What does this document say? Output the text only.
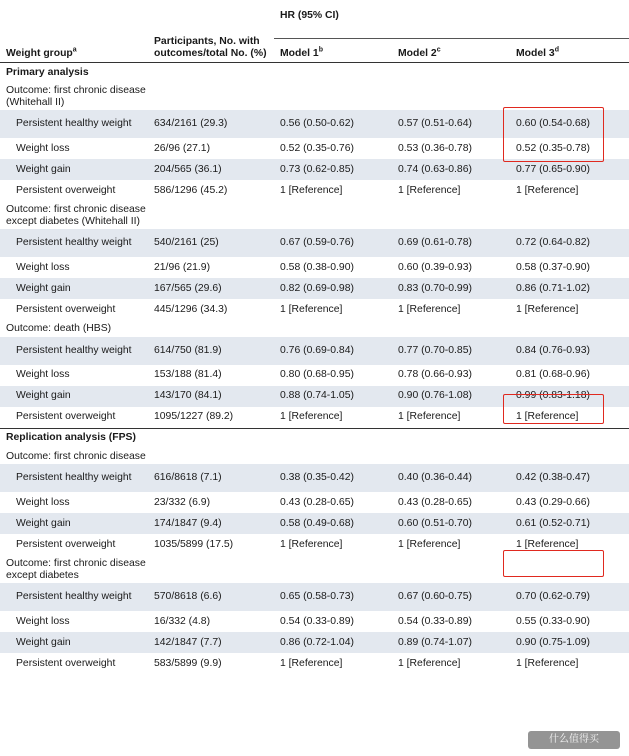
Weight group$^a$	Participants, No. with outcomes/total No. (%)	HR (95% CI)		
		Model 1$^b$	Model 2$^c$	Model 3$^d$
Primary analysis				
Outcome: first chronic disease (Whitehall II)				
Persistent healthy weight	634/2161 (29.3)	0.56 (0.50-0.62)	0.57 (0.51-0.64)	0.60 (0.54-0.68)
Weight loss	26/96 (27.1)	0.52 (0.35-0.76)	0.53 (0.36-0.78)	0.52 (0.35-0.78)
Weight gain	204/565 (36.1)	0.73 (0.62-0.85)	0.74 (0.63-0.86)	0.77 (0.65-0.90)
Persistent overweight	586/1296 (45.2)	1 [Reference]	1 [Reference]	1 [Reference]
Outcome: first chronic disease except diabetes (Whitehall II)				
Persistent healthy weight	540/2161 (25)	0.67 (0.59-0.76)	0.69 (0.61-0.78)	0.72 (0.64-0.82)
Weight loss	21/96 (21.9)	0.58 (0.38-0.90)	0.60 (0.39-0.93)	0.58 (0.37-0.90)
Weight gain	167/565 (29.6)	0.82 (0.69-0.98)	0.83 (0.70-0.99)	0.86 (0.71-1.02)
Persistent overweight	445/1296 (34.3)	1 [Reference]	1 [Reference]	1 [Reference]
Outcome: death (HBS)				
Persistent healthy weight	614/750 (81.9)	0.76 (0.69-0.84)	0.77 (0.70-0.85)	0.84 (0.76-0.93)
Weight loss	153/188 (81.4)	0.80 (0.68-0.95)	0.78 (0.66-0.93)	0.81 (0.68-0.96)
Weight gain	143/170 (84.1)	0.88 (0.74-1.05)	0.90 (0.76-1.08)	0.99 (0.83-1.18)
Persistent overweight	1095/1227 (89.2)	1 [Reference]	1 [Reference]	1 [Reference]
Replication analysis (FPS)				
Outcome: first chronic disease				
Persistent healthy weight	616/8618 (7.1)	0.38 (0.35-0.42)	0.40 (0.36-0.44)	0.42 (0.38-0.47)
Weight loss	23/332 (6.9)	0.43 (0.28-0.65)	0.43 (0.28-0.65)	0.43 (0.29-0.66)
Weight gain	174/1847 (9.4)	0.58 (0.49-0.68)	0.60 (0.51-0.70)	0.61 (0.52-0.71)
Persistent overweight	1035/5899 (17.5)	1 [Reference]	1 [Reference]	1 [Reference]
Outcome: first chronic disease except diabetes				
Persistent healthy weight	570/8618 (6.6)	0.65 (0.58-0.73)	0.67 (0.60-0.75)	0.70 (0.62-0.79)
Weight loss	16/332 (4.8)	0.54 (0.33-0.89)	0.54 (0.33-0.89)	0.55 (0.33-0.90)
Weight gain	142/1847 (7.7)	0.86 (0.72-1.04)	0.89 (0.74-1.07)	0.90 (0.75-1.09)
Persistent overweight	583/5899 (9.9)	1 [Reference]	1 [Reference]	1 [Reference]
什么值得买
